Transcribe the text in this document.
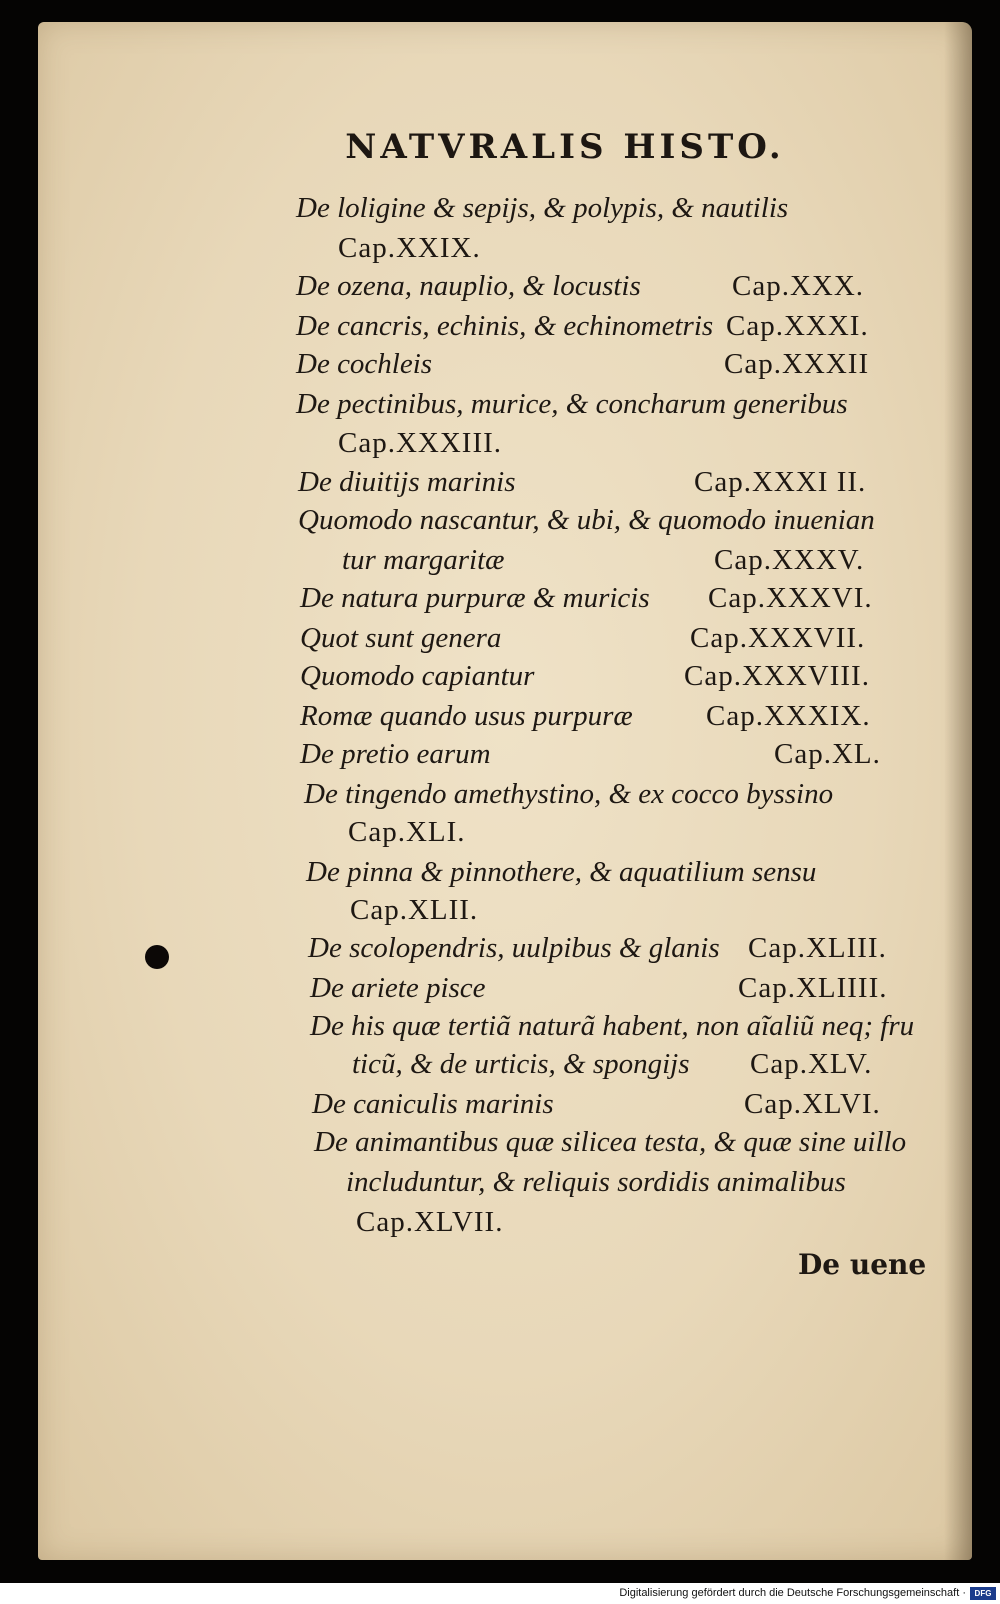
NATVRALIS HISTO.
De loligine & sepijs, & polypis, & nautilis
Cap.XXIX.
De ozena, nauplio, & locustis	Cap.XXX.
De cancris, echinis, & echinometris Cap.XXXI.
De cochleis	Cap.XXXII
De pectinibus, murice, & concharum generibus
Cap.XXXIII.
De diuitijs marinis	Cap.XXXI II.
Quomodo nascantur, & ubi, & quomodo inuenian
tur margaritæ	Cap.XXXV.
De natura purpuræ & muricis Cap.XXXVI.
Quot sunt genera	Cap.XXXVII.
Quomodo capiantur	Cap.XXXVIII.
Romæ quando usus purpuræ	Cap.XXXIX.
De pretio earum	Cap.XL.
De tingendo amethystino, & ex cocco byssino
Cap.XLI.
De pinna & pinnothere, & aquatilium sensu
Cap.XLII.
De scolopendris, uulpibus & glanis Cap.XLIII.
De ariete pisce	Cap.XLIIII.
De his quæ tertiã naturã habent, non aĩaliũ neq; fru
ticũ, & de urticis, & spongijs Cap.XLV.
De caniculis marinis	Cap.XLVI.
De animantibus quæ silicea testa, & quæ sine uillo
includuntur, & reliquis sordidis animalibus
Cap.XLVII.
De uene
Digitalisierung gefördert durch die Deutsche Forschungsgemeinschaft ·	DFG
